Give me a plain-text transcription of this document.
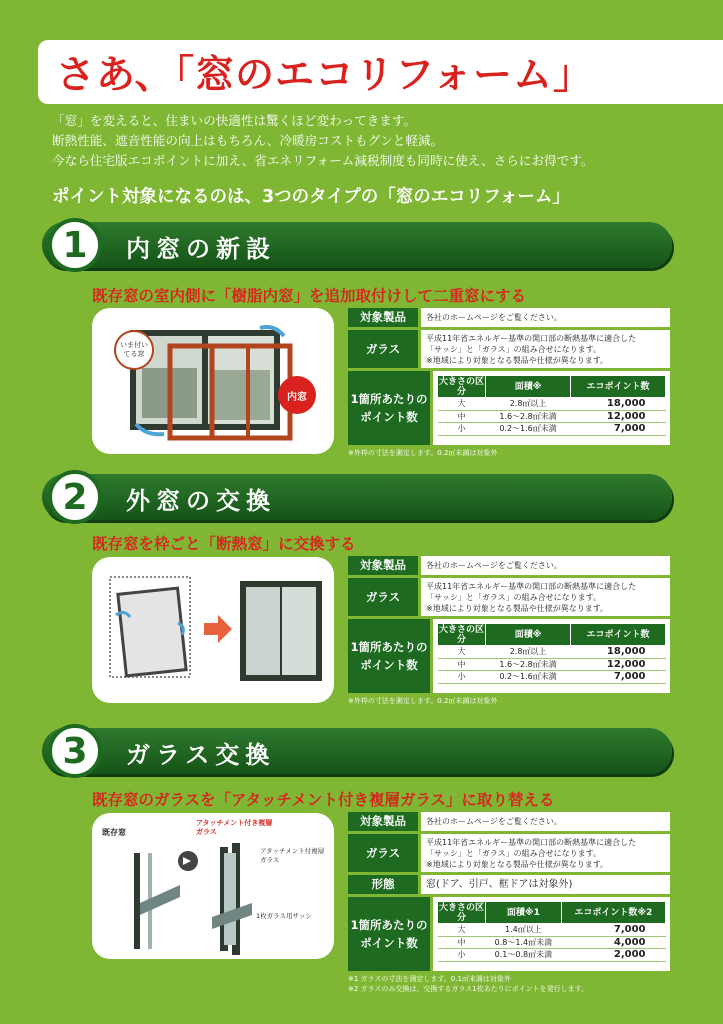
さあ、「窓のエコリフォーム」

「窓」を変えると、住まいの快適性は驚くほど変わってきます。

断熱性能、遮音性能の向上はもちろん、冷暖房コストもグンと軽減。

今なら住宅版エコポイントに加え、省エネリフォーム減税制度も同時に使え、さらにお得です。

ポイント対象になるのは、3つのタイプの「窓のエコリフォーム」
1	内窓の新設
既存窓の室内側に「樹脂内窓」を追加取付けして二重窓にする
いま付いてる窓
内窓
対象製品	各社のホームページをご覧ください。
ガラス
平成11年省エネルギー基準の開口部の断熱基準に適合した
「サッシ」と「ガラス」の組み合せになります。
※地域により対象となる製品や仕様が異なります。
1箇所あたりのポイント数
大きさの区分	面積※	エコポイント数
大	2.8㎡以上	18,000
中	1.6～2.8㎡未満	12,000
小	0.2～1.6㎡未満	7,000
※外枠の寸法を測定します。0.2㎡未満は対象外
2	外窓の交換
既存窓を枠ごと「断熱窓」に交換する
対象製品	各社のホームページをご覧ください。
ガラス
平成11年省エネルギー基準の開口部の断熱基準に適合した
「サッシ」と「ガラス」の組み合せになります。
※地域により対象となる製品や仕様が異なります。
1箇所あたりのポイント数
大きさの区分	面積※	エコポイント数
大	2.8㎡以上	18,000
中	1.6～2.8㎡未満	12,000
小	0.2～1.6㎡未満	7,000
※外枠の寸法を測定します。0.2㎡未満は対象外
3	ガラス交換
既存窓のガラスを「アタッチメント付き複層ガラス」に取り替える
既存窓
アタッチメント付き複層ガラス
アタッチメント付複層ガラス
1枚ガラス用サッシ
対象製品	各社のホームページをご覧ください。
ガラス
平成11年省エネルギー基準の開口部の断熱基準に適合した
「サッシ」と「ガラス」の組み合せになります。
※地域により対象となる製品や仕様が異なります。
形態	窓(ドア、引戸、框ドアは対象外)
1箇所あたりのポイント数
大きさの区分	面積※1	エコポイント数※2
大	1.4㎡以上	7,000
中	0.8～1.4㎡未満	4,000
小	0.1～0.8㎡未満	2,000
※1 ガラスの寸法を測定します。0.1㎡未満は対象外
※2 ガラスのみ交換は、交換するガラス1枚あたりにポイントを発行します。
